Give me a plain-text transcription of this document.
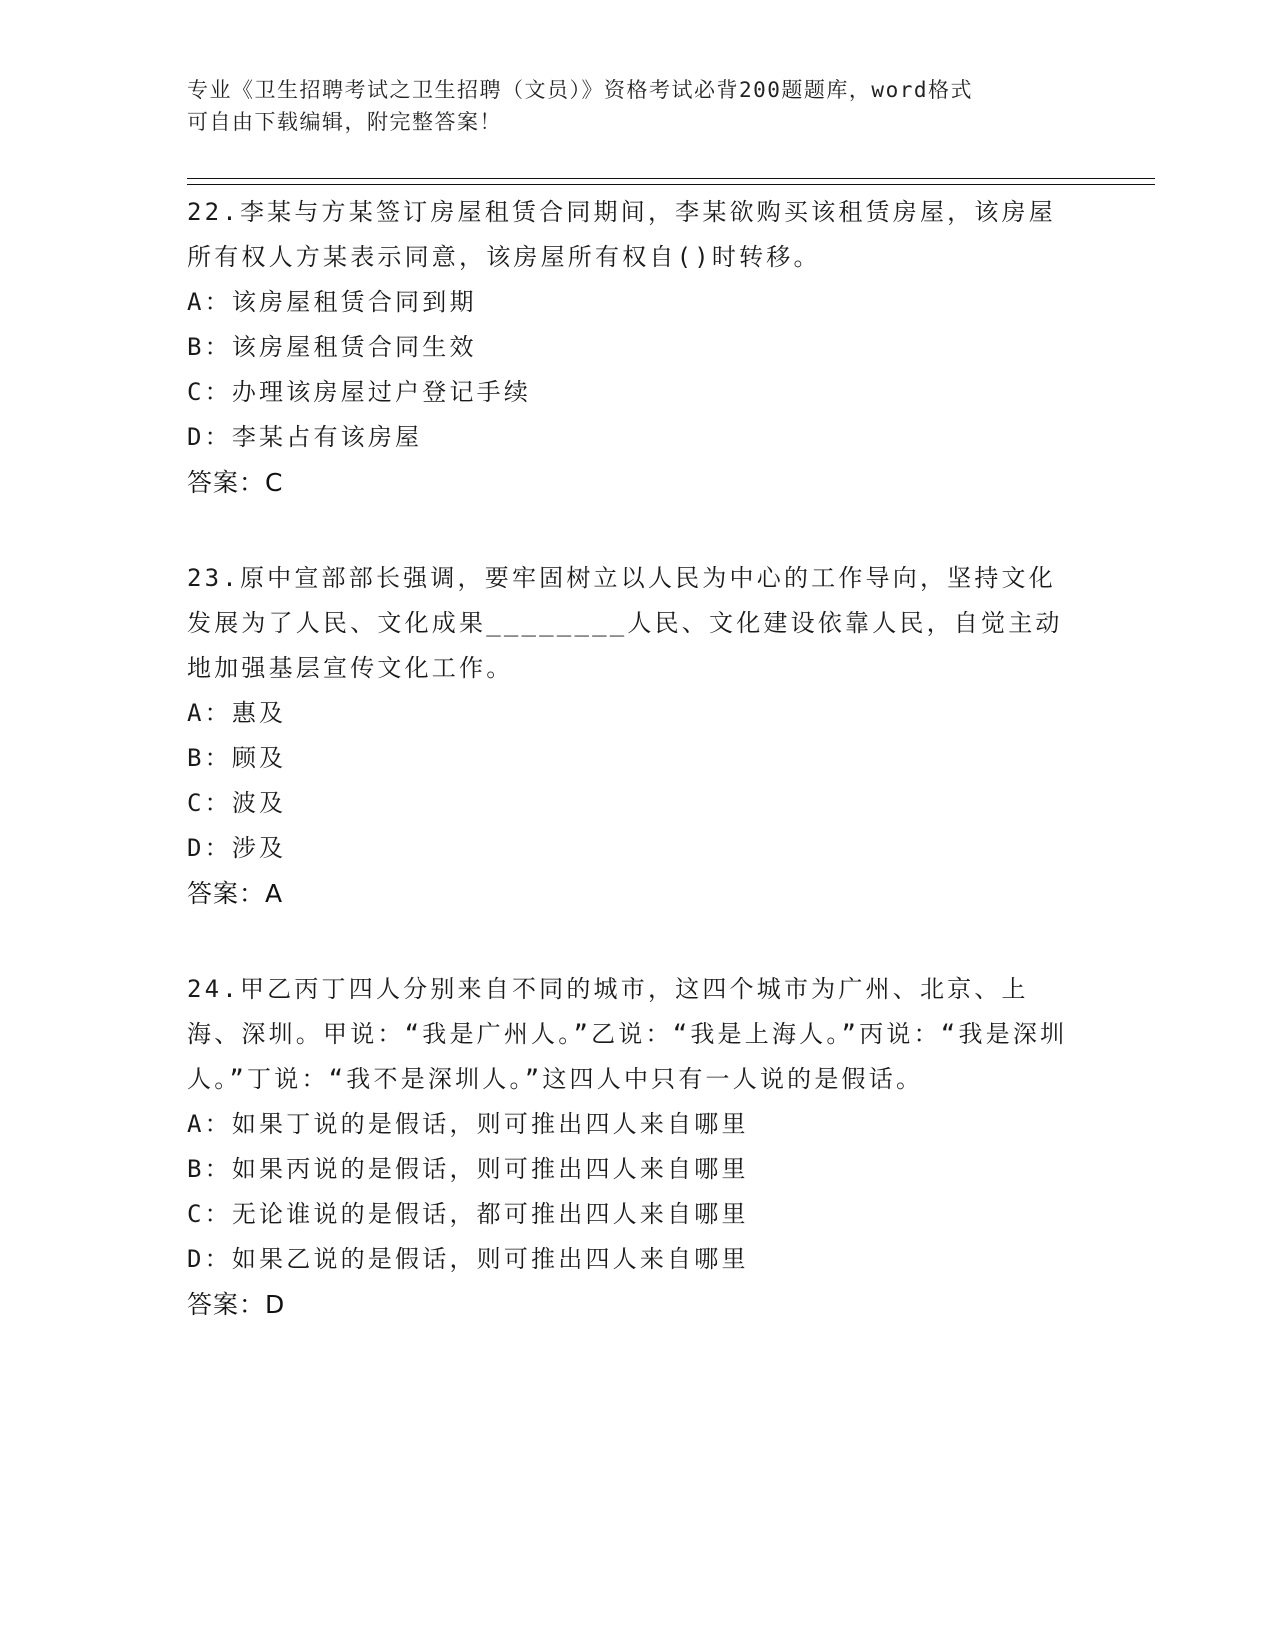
专业《卫生招聘考试之卫生招聘（文员）》资格考试必背200题题库，word格式
可自由下载编辑，附完整答案！

22.李某与方某签订房屋租赁合同期间，李某欲购买该租赁房屋，该房屋所有权人方某表示同意，该房屋所有权自()时转移。

A：该房屋租赁合同到期

B：该房屋租赁合同生效

C：办理该房屋过户登记手续

D：李某占有该房屋

答案：C

23.原中宣部部长强调，要牢固树立以人民为中心的工作导向，坚持文化发展为了人民、文化成果________人民、文化建设依靠人民，自觉主动地加强基层宣传文化工作。

A：惠及

B：顾及

C：波及

D：涉及

答案：A

24.甲乙丙丁四人分别来自不同的城市，这四个城市为广州、北京、上海、深圳。甲说：“我是广州人。”乙说：“我是上海人。”丙说：“我是深圳人。”丁说：“我不是深圳人。”这四人中只有一人说的是假话。

A：如果丁说的是假话，则可推出四人来自哪里

B：如果丙说的是假话，则可推出四人来自哪里

C：无论谁说的是假话，都可推出四人来自哪里

D：如果乙说的是假话，则可推出四人来自哪里

答案：D
